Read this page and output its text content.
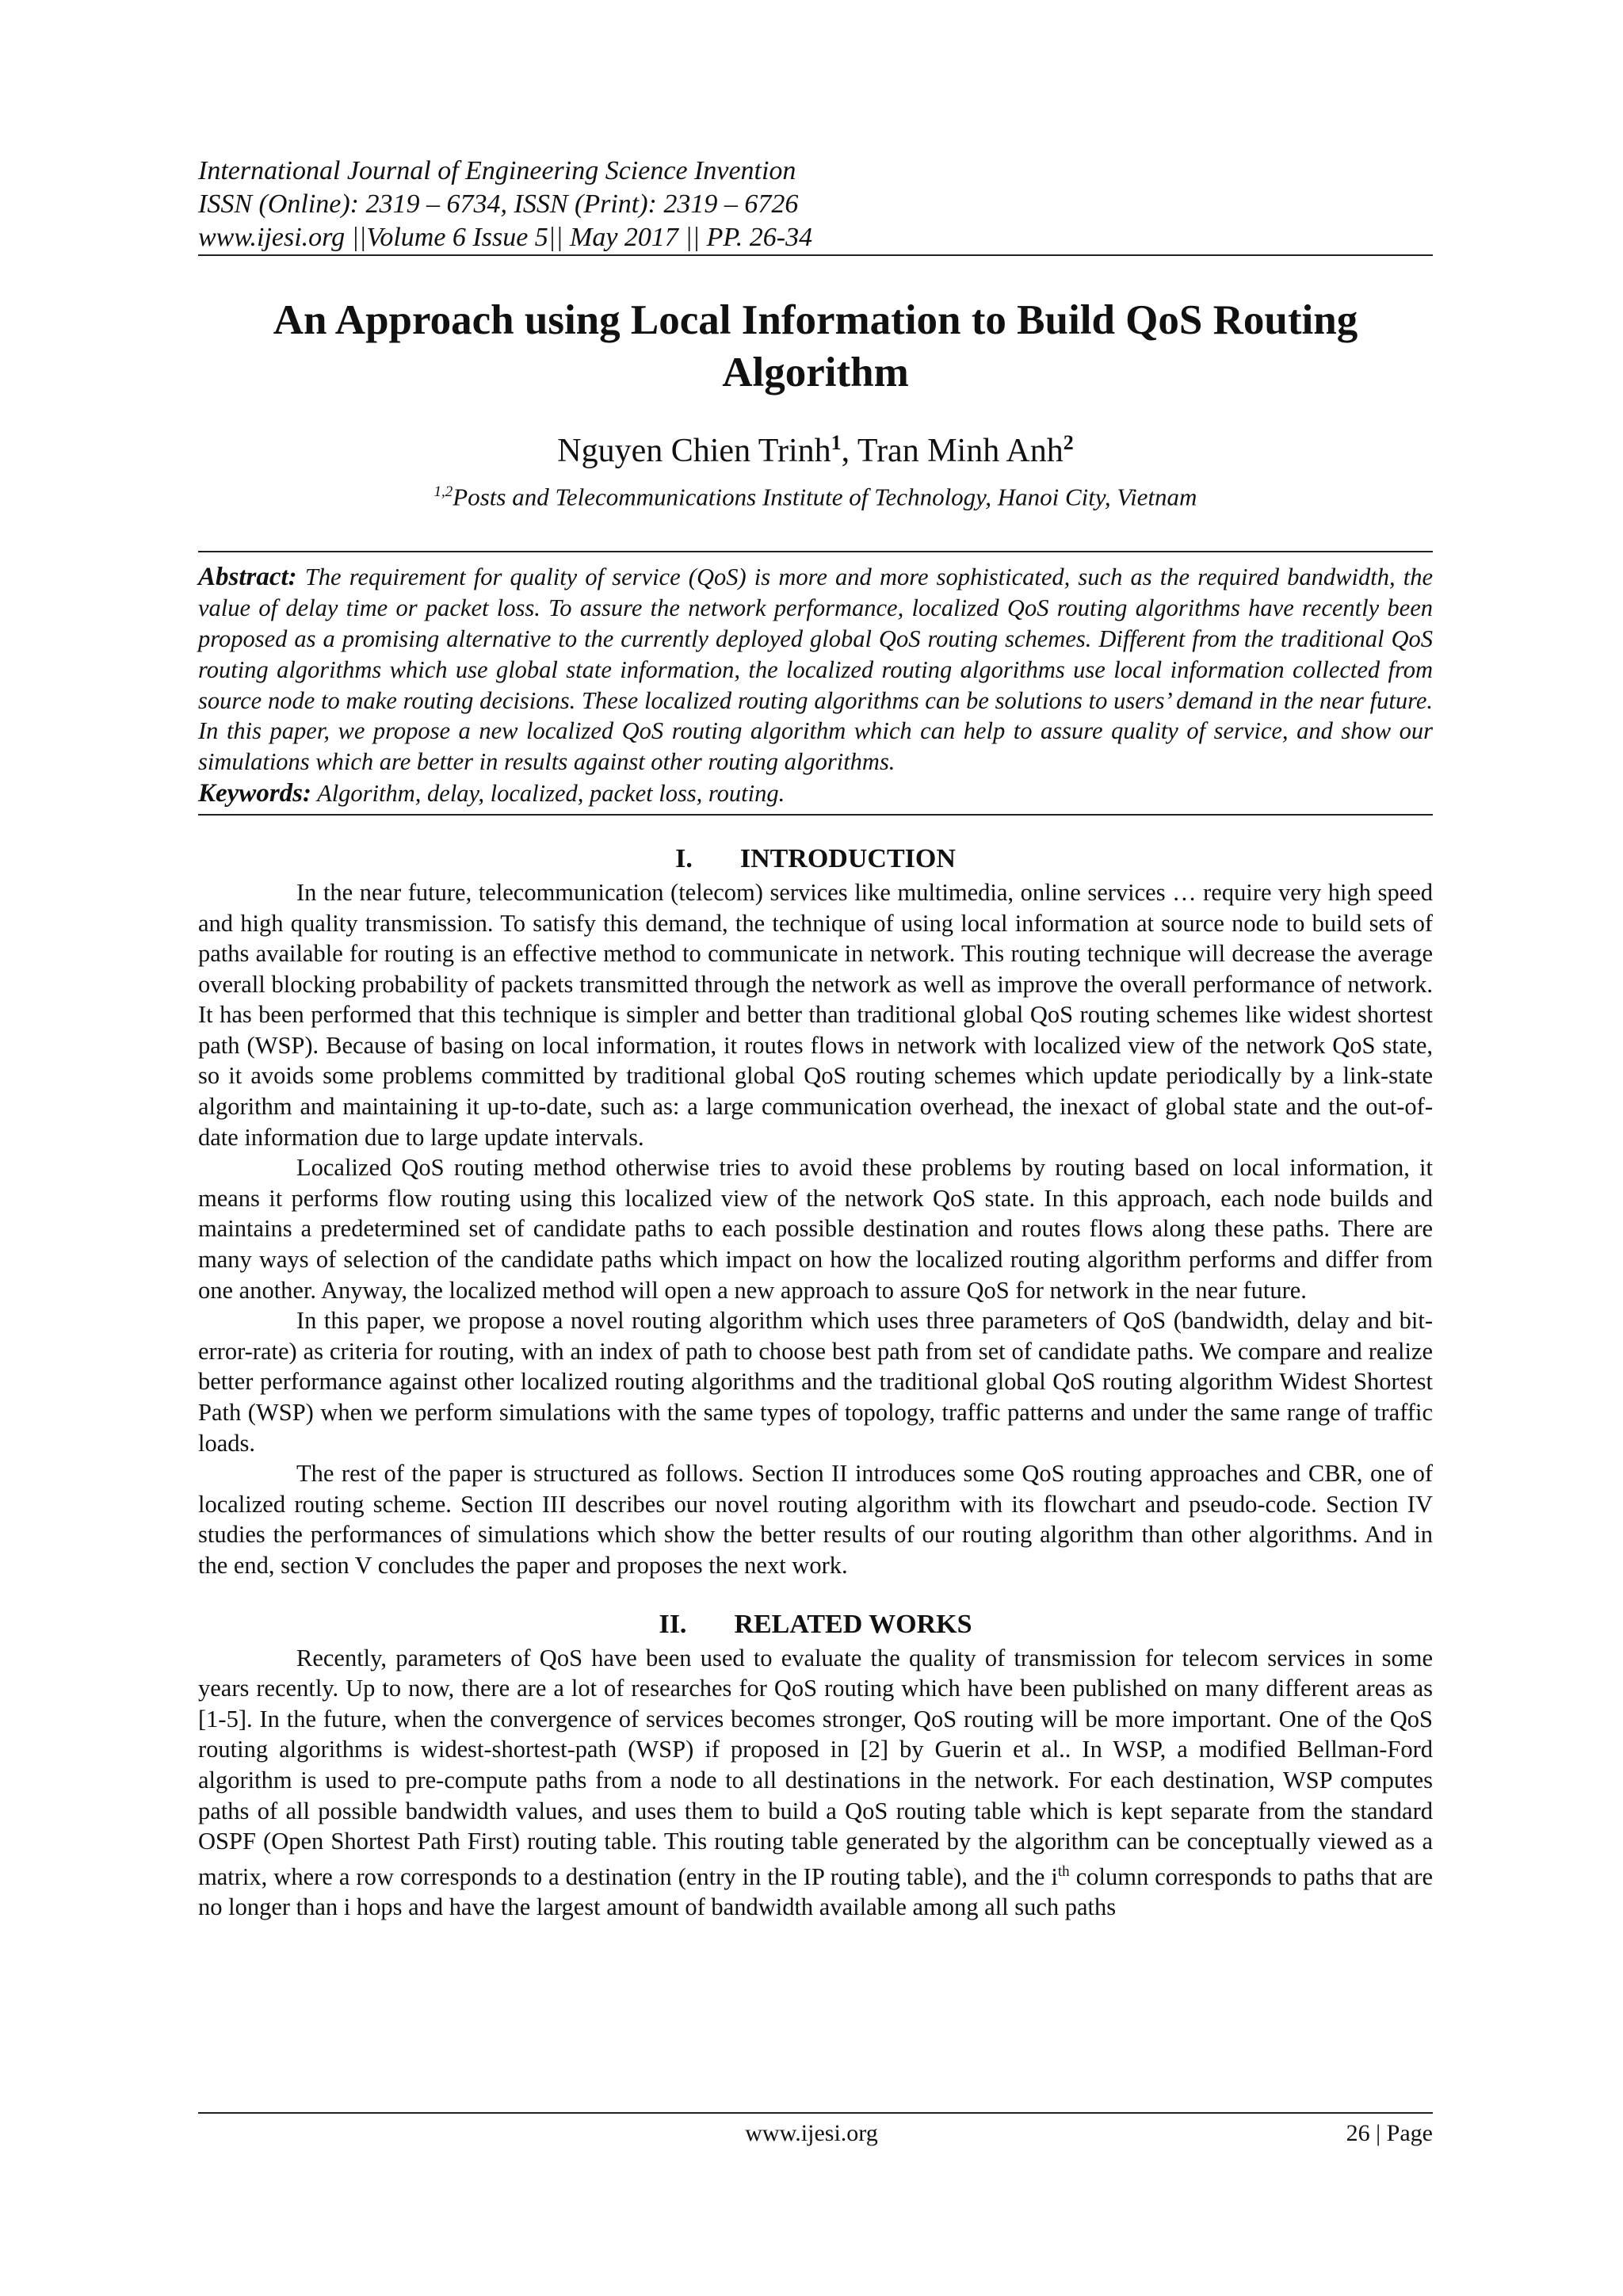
International Journal of Engineering Science Invention
ISSN (Online): 2319 – 6734, ISSN (Print): 2319 – 6726
www.ijesi.org ||Volume 6 Issue 5|| May 2017 || PP. 26-34
An Approach using Local Information to Build QoS Routing Algorithm
Nguyen Chien Trinh$^1$, Tran Minh Anh$^2$
$^{1,2}$Posts and Telecommunications Institute of Technology, Hanoi City, Vietnam

Abstract: The requirement for quality of service (QoS) is more and more sophisticated, such as the required bandwidth, the value of delay time or packet loss. To assure the network performance, localized QoS routing algorithms have recently been proposed as a promising alternative to the currently deployed global QoS routing schemes. Different from the traditional QoS routing algorithms which use global state information, the localized routing algorithms use local information collected from source node to make routing decisions. These localized routing algorithms can be solutions to users’ demand in the near future. In this paper, we propose a new localized QoS routing algorithm which can help to assure quality of service, and show our simulations which are better in results against other routing algorithms.

Keywords: Algorithm, delay, localized, packet loss, routing.

I. INTRODUCTION

In the near future, telecommunication (telecom) services like multimedia, online services … require very high speed and high quality transmission. To satisfy this demand, the technique of using local information at source node to build sets of paths available for routing is an effective method to communicate in network. This routing technique will decrease the average overall blocking probability of packets transmitted through the network as well as improve the overall performance of network. It has been performed that this technique is simpler and better than traditional global QoS routing schemes like widest shortest path (WSP). Because of basing on local information, it routes flows in network with localized view of the network QoS state, so it avoids some problems committed by traditional global QoS routing schemes which update periodically by a link-state algorithm and maintaining it up-to-date, such as: a large communication overhead, the inexact of global state and the out-of-date information due to large update intervals.

Localized QoS routing method otherwise tries to avoid these problems by routing based on local information, it means it performs flow routing using this localized view of the network QoS state. In this approach, each node builds and maintains a predetermined set of candidate paths to each possible destination and routes flows along these paths. There are many ways of selection of the candidate paths which impact on how the localized routing algorithm performs and differ from one another. Anyway, the localized method will open a new approach to assure QoS for network in the near future.

In this paper, we propose a novel routing algorithm which uses three parameters of QoS (bandwidth, delay and bit-error-rate) as criteria for routing, with an index of path to choose best path from set of candidate paths. We compare and realize better performance against other localized routing algorithms and the traditional global QoS routing algorithm Widest Shortest Path (WSP) when we perform simulations with the same types of topology, traffic patterns and under the same range of traffic loads.

The rest of the paper is structured as follows. Section II introduces some QoS routing approaches and CBR, one of localized routing scheme. Section III describes our novel routing algorithm with its flowchart and pseudo-code. Section IV studies the performances of simulations which show the better results of our routing algorithm than other algorithms. And in the end, section V concludes the paper and proposes the next work.

II. RELATED WORKS

Recently, parameters of QoS have been used to evaluate the quality of transmission for telecom services in some years recently. Up to now, there are a lot of researches for QoS routing which have been published on many different areas as [1-5]. In the future, when the convergence of services becomes stronger, QoS routing will be more important. One of the QoS routing algorithms is widest-shortest-path (WSP) if proposed in [2] by Guerin et al.. In WSP, a modified Bellman-Ford algorithm is used to pre-compute paths from a node to all destinations in the network. For each destination, WSP computes paths of all possible bandwidth values, and uses them to build a QoS routing table which is kept separate from the standard OSPF (Open Shortest Path First) routing table. This routing table generated by the algorithm can be conceptually viewed as a matrix, where a row corresponds to a destination (entry in the IP routing table), and the $i^{th}$ column corresponds to paths that are no longer than i hops and have the largest amount of bandwidth available among all such paths

www.ijesi.org	26 | Page
